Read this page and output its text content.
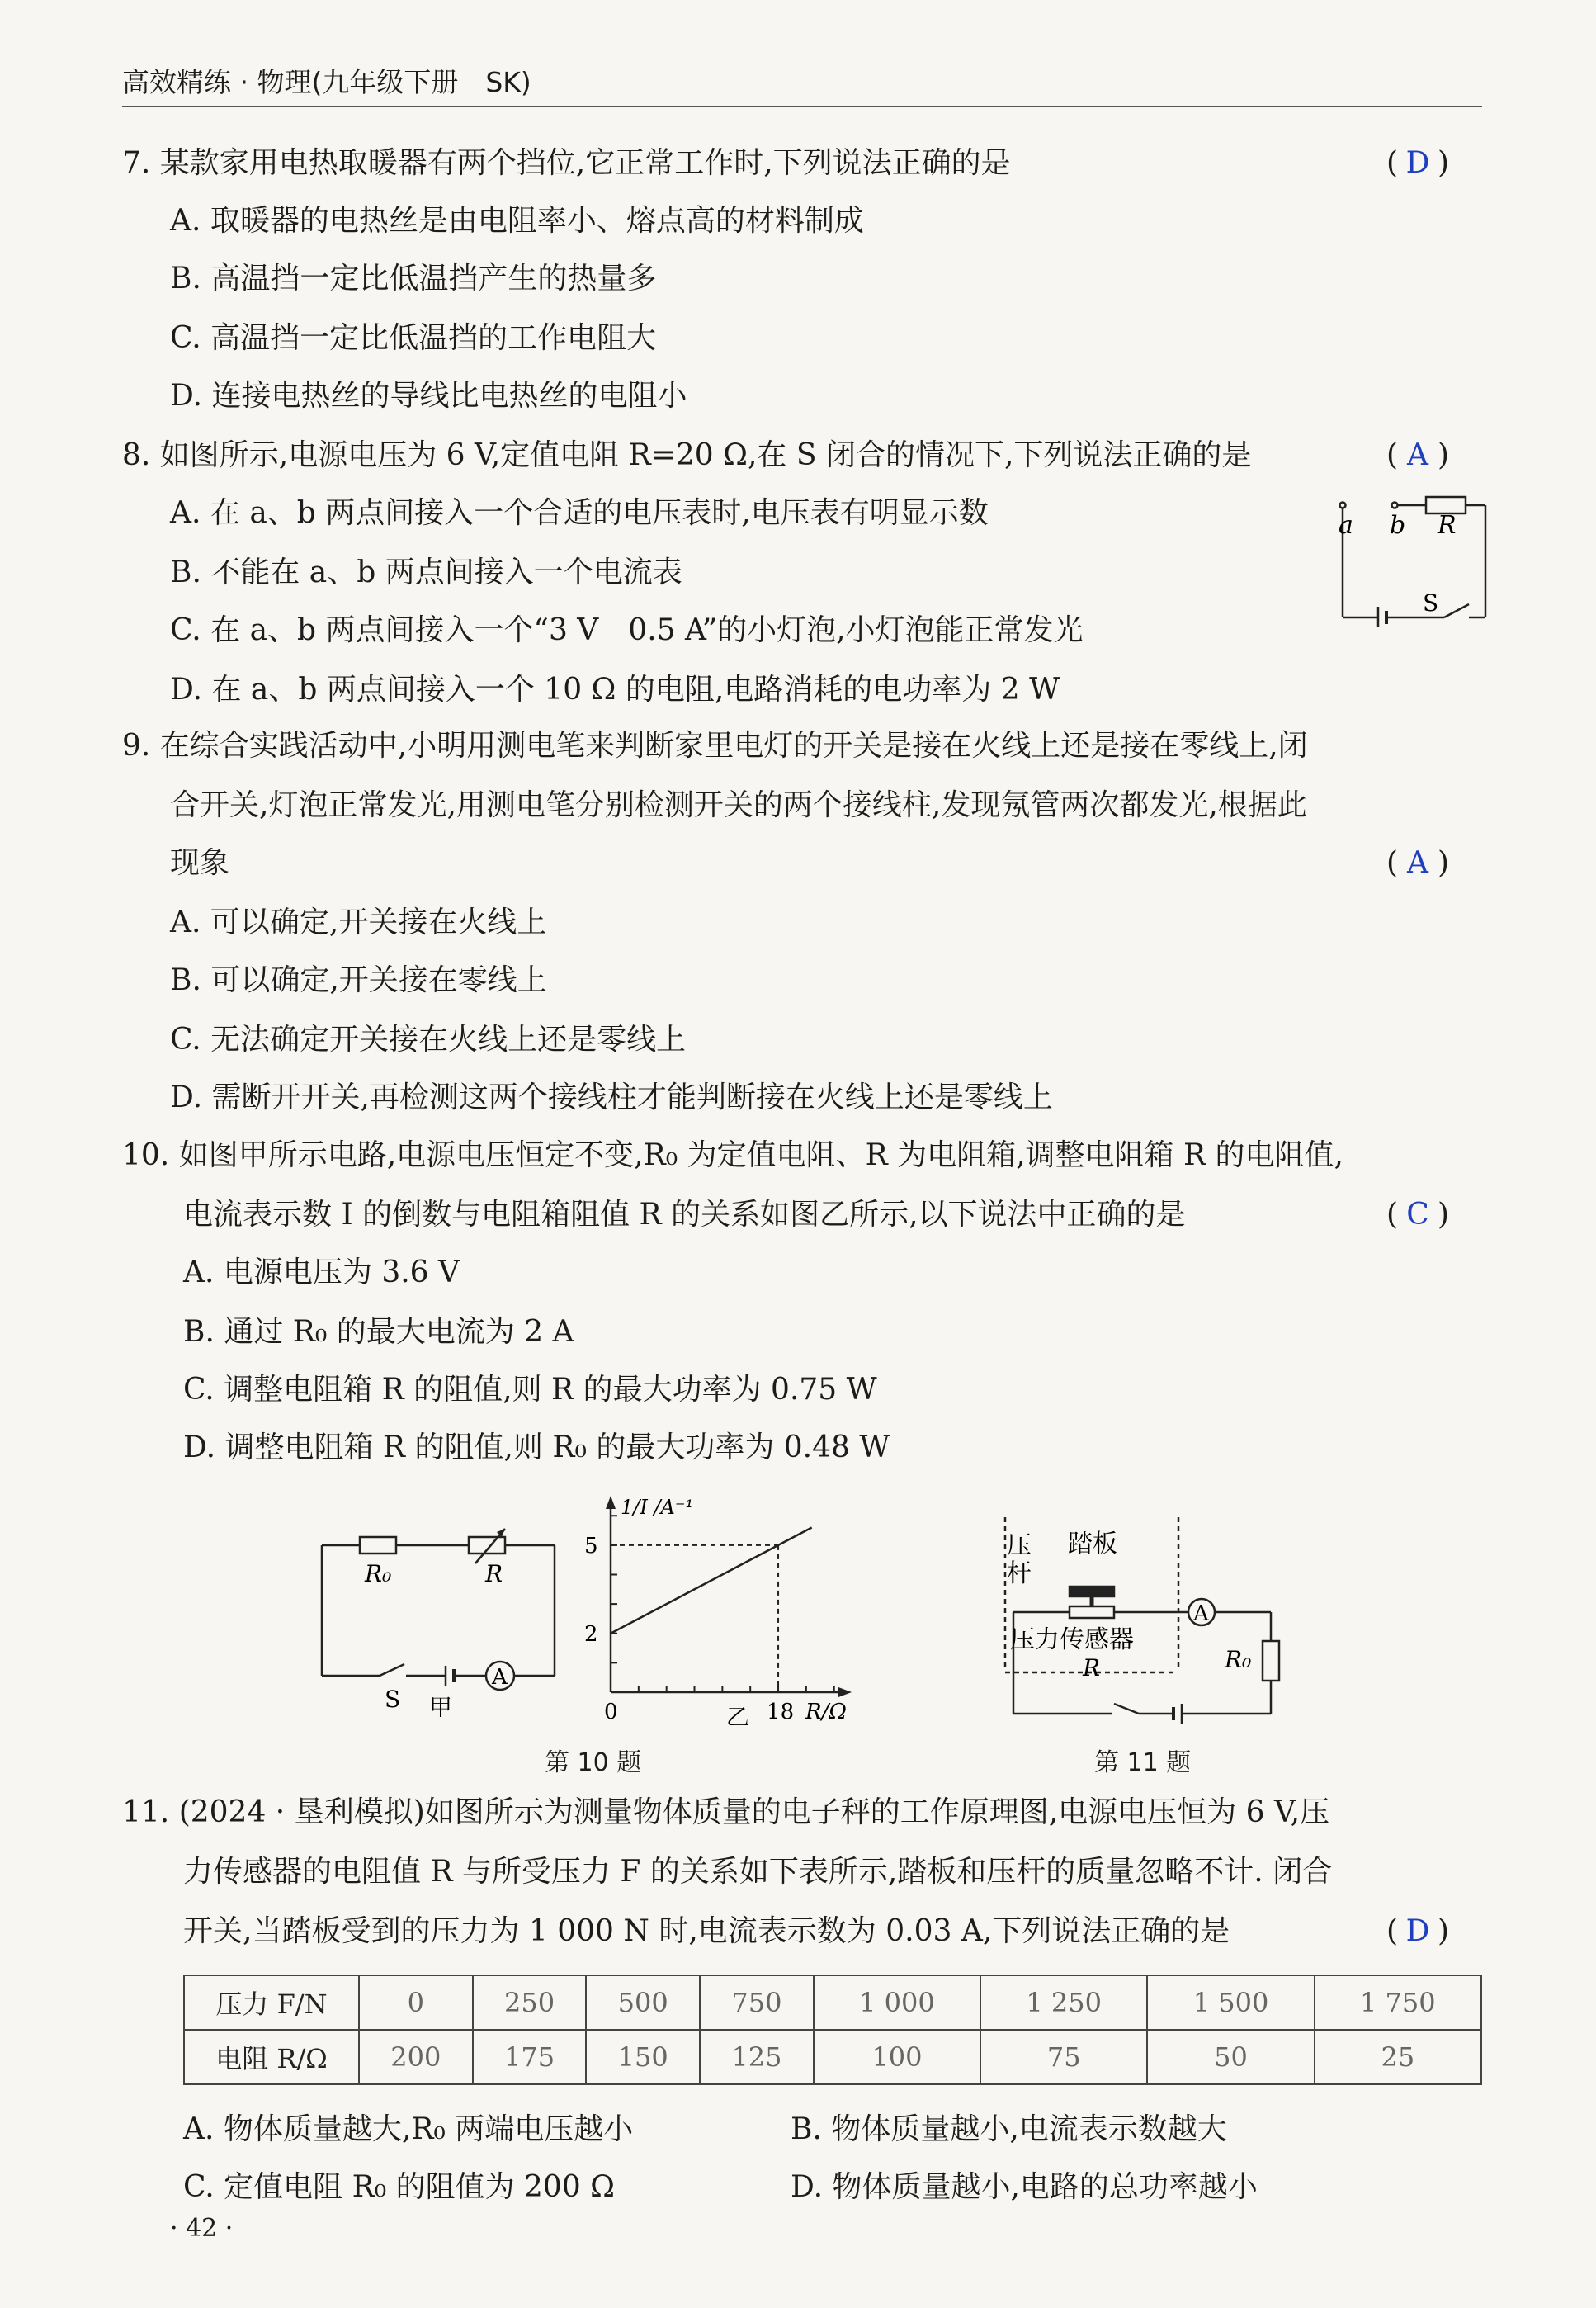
高效精练 · 物理(九年级下册　SK)
7. 某款家用电热取暖器有两个挡位,它正常工作时,下列说法正确的是	( D )
A. 取暖器的电热丝是由电阻率小、熔点高的材料制成
B. 高温挡一定比低温挡产生的热量多
C. 高温挡一定比低温挡的工作电阻大
D. 连接电热丝的导线比电热丝的电阻小
8. 如图所示,电源电压为 6 V,定值电阻 R=20 Ω,在 S 闭合的情况下,下列说法正确的是	( A )
A. 在 a、b 两点间接入一个合适的电压表时,电压表有明显示数
B. 不能在 a、b 两点间接入一个电流表
C. 在 a、b 两点间接入一个“3 V　0.5 A”的小灯泡,小灯泡能正常发光
D. 在 a、b 两点间接入一个 10 Ω 的电阻,电路消耗的电功率为 2 W
a b R
S
9. 在综合实践活动中,小明用测电笔来判断家里电灯的开关是接在火线上还是接在零线上,闭
合开关,灯泡正常发光,用测电笔分别检测开关的两个接线柱,发现氖管两次都发光,根据此
现象	( A )
A. 可以确定,开关接在火线上
B. 可以确定,开关接在零线上
C. 无法确定开关接在火线上还是零线上
D. 需断开开关,再检测这两个接线柱才能判断接在火线上还是零线上
10. 如图甲所示电路,电源电压恒定不变,R₀ 为定值电阻、R 为电阻箱,调整电阻箱 R 的电阻值,
电流表示数 I 的倒数与电阻箱阻值 R 的关系如图乙所示,以下说法中正确的是	( C )
A. 电源电压为 3.6 V
B. 通过 R₀ 的最大电流为 2 A
C. 调整电阻箱 R 的阻值,则 R 的最大功率为 0.75 W
D. 调整电阻箱 R 的阻值,则 R₀ 的最大功率为 0.48 W
R₀	R
S
A
甲
2
5
0	18
1/I /A⁻¹
R/Ω
乙
第 10 题
压
杆
踏板
压力传感器
R	R₀
A
第 11 题
11. (2024 · 垦利模拟)如图所示为测量物体质量的电子秤的工作原理图,电源电压恒为 6 V,压
力传感器的电阻值 R 与所受压力 F 的关系如下表所示,踏板和压杆的质量忽略不计. 闭合
开关,当踏板受到的压力为 1 000 N 时,电流表示数为 0.03 A,下列说法正确的是	( D )
压力 F/N	0	250	500	750	1 000	1 250	1 500	1 750
电阻 R/Ω	200	175	150	125	100	75	50	25
A. 物体质量越大,R₀ 两端电压越小	B. 物体质量越小,电流表示数越大
C. 定值电阻 R₀ 的阻值为 200 Ω	D. 物体质量越小,电路的总功率越小
· 42 ·
